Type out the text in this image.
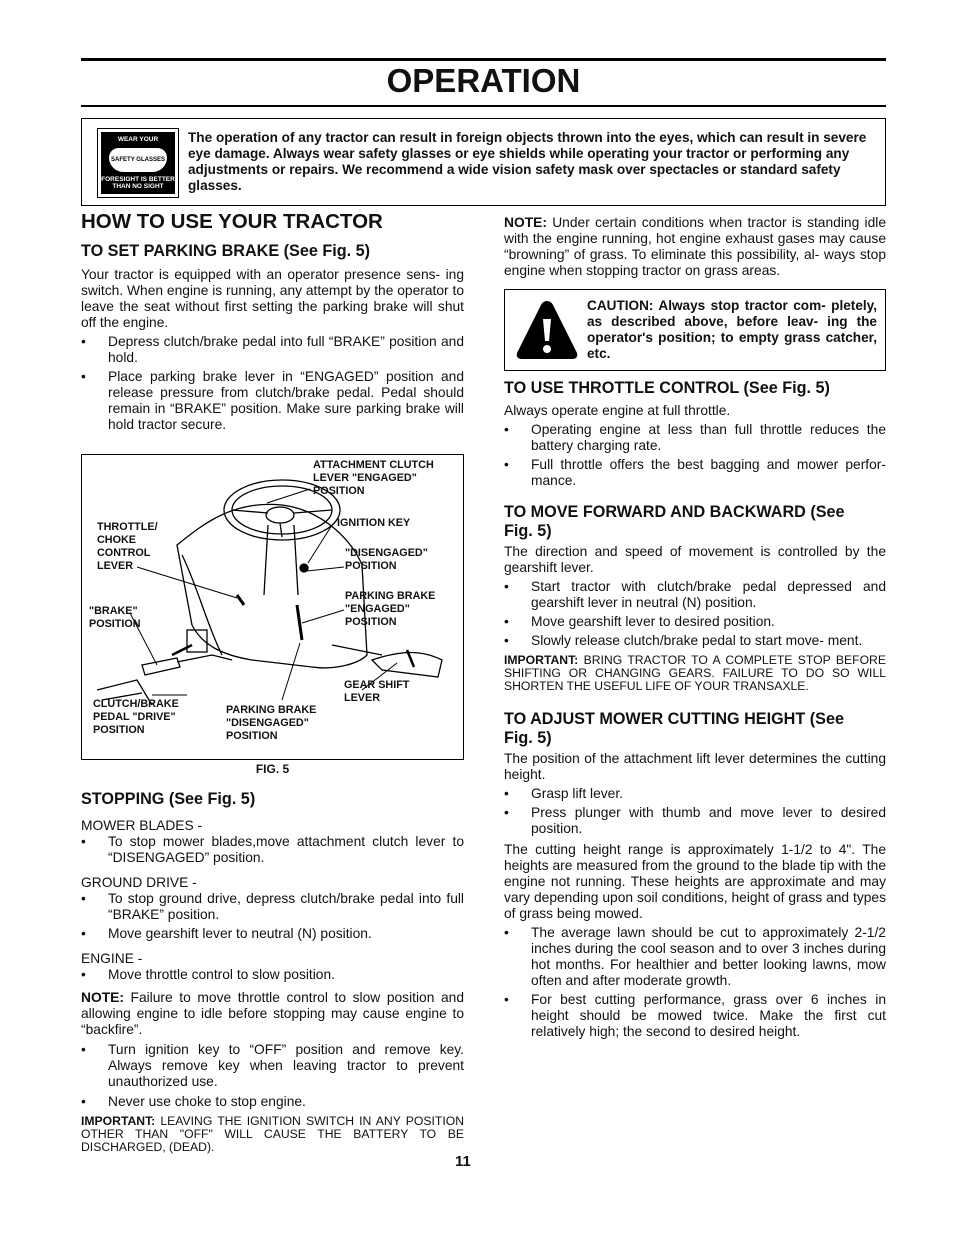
OPERATION
WEAR YOUR
SAFETY GLASSES
FORESIGHT IS BETTER THAN NO SIGHT
The operation of any tractor can result in foreign objects thrown into the eyes, which can result in severe eye damage. Always wear safety glasses or eye shields while operating your tractor or performing any adjustments or repairs. We recommend a wide vision safety mask over spectacles or standard safety glasses.
HOW TO USE YOUR TRACTOR
TO SET PARKING BRAKE (See Fig. 5)

Your tractor is equipped with an operator presence sens- ing switch. When engine is running, any attempt by the operator to leave the seat without first setting the parking brake will shut off the engine.

• Depress clutch/brake pedal into full “BRAKE” position and hold.
• Place parking brake lever in “ENGAGED” position and release pressure from clutch/brake pedal. Pedal should remain in “BRAKE” position. Make sure parking brake will hold tractor secure.
ATTACHMENT CLUTCH
LEVER "ENGAGED"
POSITION
IGNITION KEY
THROTTLE/
CHOKE
CONTROL
LEVER
"DISENGAGED"
POSITION
PARKING BRAKE
"ENGAGED"
POSITION
"BRAKE"
POSITION
GEAR SHIFT
LEVER
CLUTCH/BRAKE
PEDAL "DRIVE"
POSITION
PARKING BRAKE
"DISENGAGED"
POSITION
FIG. 5
STOPPING (See Fig. 5)

MOWER BLADES -

• To stop mower blades,move attachment clutch lever to “DISENGAGED” position.

GROUND DRIVE -

• To stop ground drive, depress clutch/brake pedal into full “BRAKE” position.
• Move gearshift lever to neutral (N) position.

ENGINE -

• Move throttle control to slow position.

NOTE: Failure to move throttle control to slow position and allowing engine to idle before stopping may cause engine to “backfire”.

• Turn ignition key to “OFF” position and remove key. Always remove key when leaving tractor to prevent unauthorized use.
• Never use choke to stop engine.

IMPORTANT: LEAVING THE IGNITION SWITCH IN ANY POSITION OTHER THAN "OFF" WILL CAUSE THE BATTERY TO BE DISCHARGED, (DEAD).

NOTE: Under certain conditions when tractor is standing idle with the engine running, hot engine exhaust gases may cause “browning” of grass. To eliminate this possibility, al- ways stop engine when stopping tractor on grass areas.

CAUTION: Always stop tractor com- pletely, as described above, before leav- ing the operator's position; to empty grass catcher, etc.
TO USE THROTTLE CONTROL (See Fig. 5)

Always operate engine at full throttle.

• Operating engine at less than full throttle reduces the battery charging rate.
• Full throttle offers the best bagging and mower perfor- mance.
TO MOVE FORWARD AND BACKWARD (See Fig. 5)

The direction and speed of movement is controlled by the gearshift lever.

• Start tractor with clutch/brake pedal depressed and gearshift lever in neutral (N) position.
• Move gearshift lever to desired position.
• Slowly release clutch/brake pedal to start move- ment.

IMPORTANT: BRING TRACTOR TO A COMPLETE STOP BEFORE SHIFTING OR CHANGING GEARS. FAILURE TO DO SO WILL SHORTEN THE USEFUL LIFE OF YOUR TRANSAXLE.

TO ADJUST MOWER CUTTING HEIGHT (See Fig. 5)

The position of the attachment lift lever determines the cutting height.

• Grasp lift lever.
• Press plunger with thumb and move lever to desired position.

The cutting height range is approximately 1-1/2 to 4". The heights are measured from the ground to the blade tip with the engine not running. These heights are approximate and may vary depending upon soil conditions, height of grass and types of grass being mowed.

• The average lawn should be cut to approximately 2-1/2 inches during the cool season and to over 3 inches during hot months. For healthier and better looking lawns, mow often and after moderate growth.
• For best cutting performance, grass over 6 inches in height should be mowed twice. Make the first cut relatively high; the second to desired height.
11
